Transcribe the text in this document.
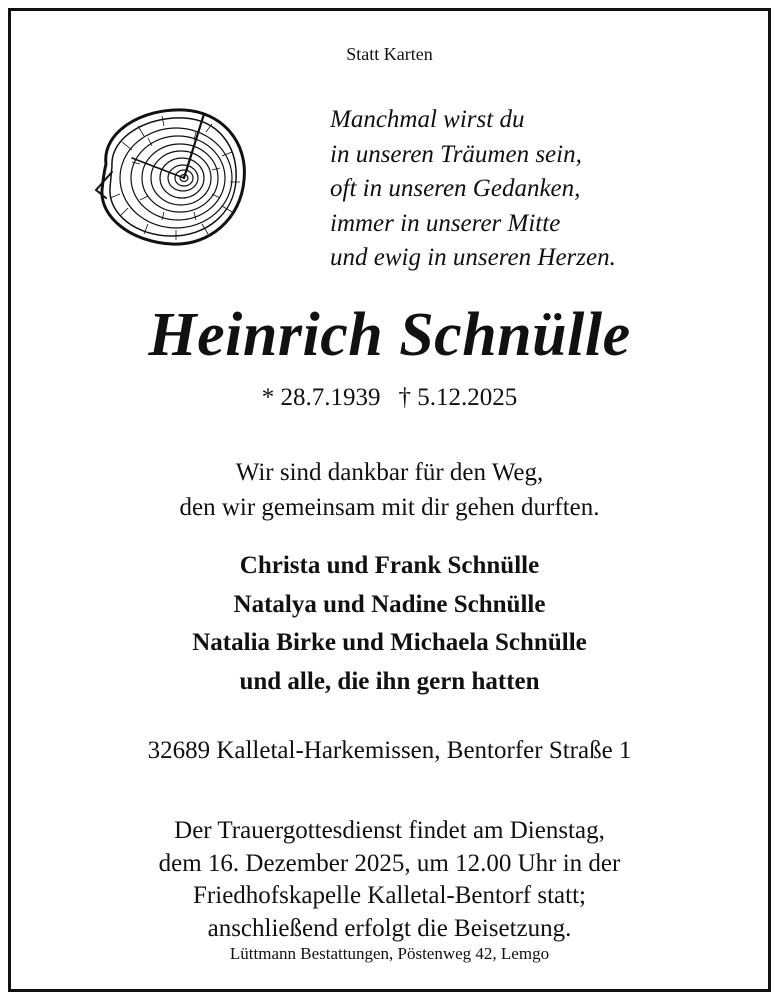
Statt Karten
Manchmal wirst du
in unseren Träumen sein,
oft in unseren Gedanken,
immer in unserer Mitte
und ewig in unseren Herzen.
Heinrich Schnülle
* 28.7.1939 † 5.12.2025
Wir sind dankbar für den Weg,
den wir gemeinsam mit dir gehen durften.
Christa und Frank Schnülle
Natalya und Nadine Schnülle
Natalia Birke und Michaela Schnülle
und alle, die ihn gern hatten
32689 Kalletal-Harkemissen, Bentorfer Straße 1
Der Trauergottesdienst findet am Dienstag,
dem 16. Dezember 2025, um 12.00 Uhr in der
Friedhofskapelle Kalletal-Bentorf statt;
anschließend erfolgt die Beisetzung.
Lüttmann Bestattungen, Pöstenweg 42, Lemgo
